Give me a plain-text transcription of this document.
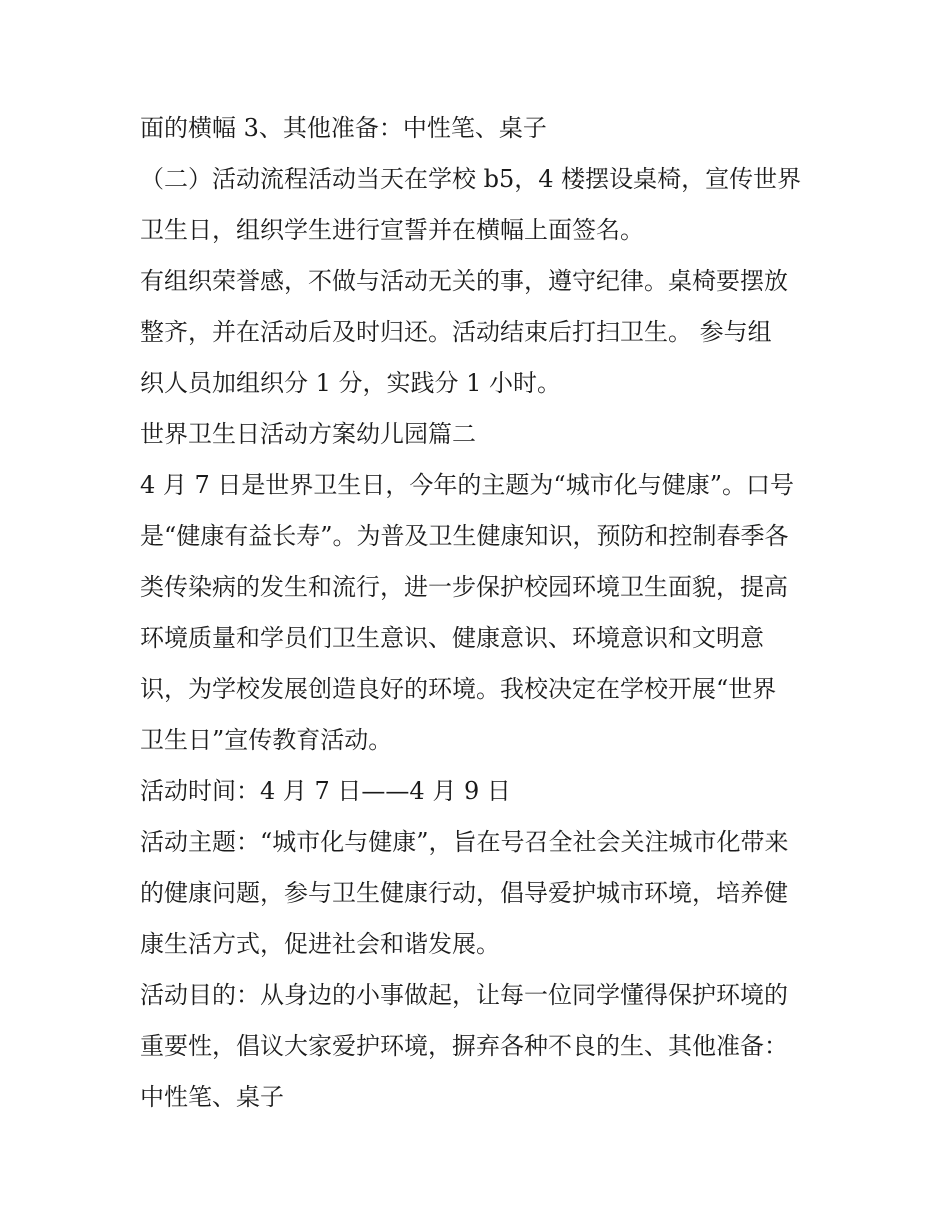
面的横幅 3、其他准备：中性笔、桌子
（二）活动流程活动当天在学校 b5，4 楼摆设桌椅，宣传世界
卫生日，组织学生进行宣誓并在横幅上面签名。
有组织荣誉感，不做与活动无关的事，遵守纪律。桌椅要摆放
整齐，并在活动后及时归还。活动结束后打扫卫生。 参与组
织人员加组织分 1 分，实践分 1 小时。
世界卫生日活动方案幼儿园篇二
4 月 7 日是世界卫生日，今年的主题为“城市化与健康”。口号
是“健康有益长寿”。为普及卫生健康知识，预防和控制春季各
类传染病的发生和流行，进一步保护校园环境卫生面貌，提高
环境质量和学员们卫生意识、健康意识、环境意识和文明意
识，为学校发展创造良好的环境。我校决定在学校开展“世界
卫生日”宣传教育活动。
活动时间：4 月 7 日——4 月 9 日
活动主题：“城市化与健康”，旨在号召全社会关注城市化带来
的健康问题，参与卫生健康行动，倡导爱护城市环境，培养健
康生活方式，促进社会和谐发展。
活动目的：从身边的小事做起，让每一位同学懂得保护环境的
重要性，倡议大家爱护环境，摒弃各种不良的生、其他准备：
中性笔、桌子
